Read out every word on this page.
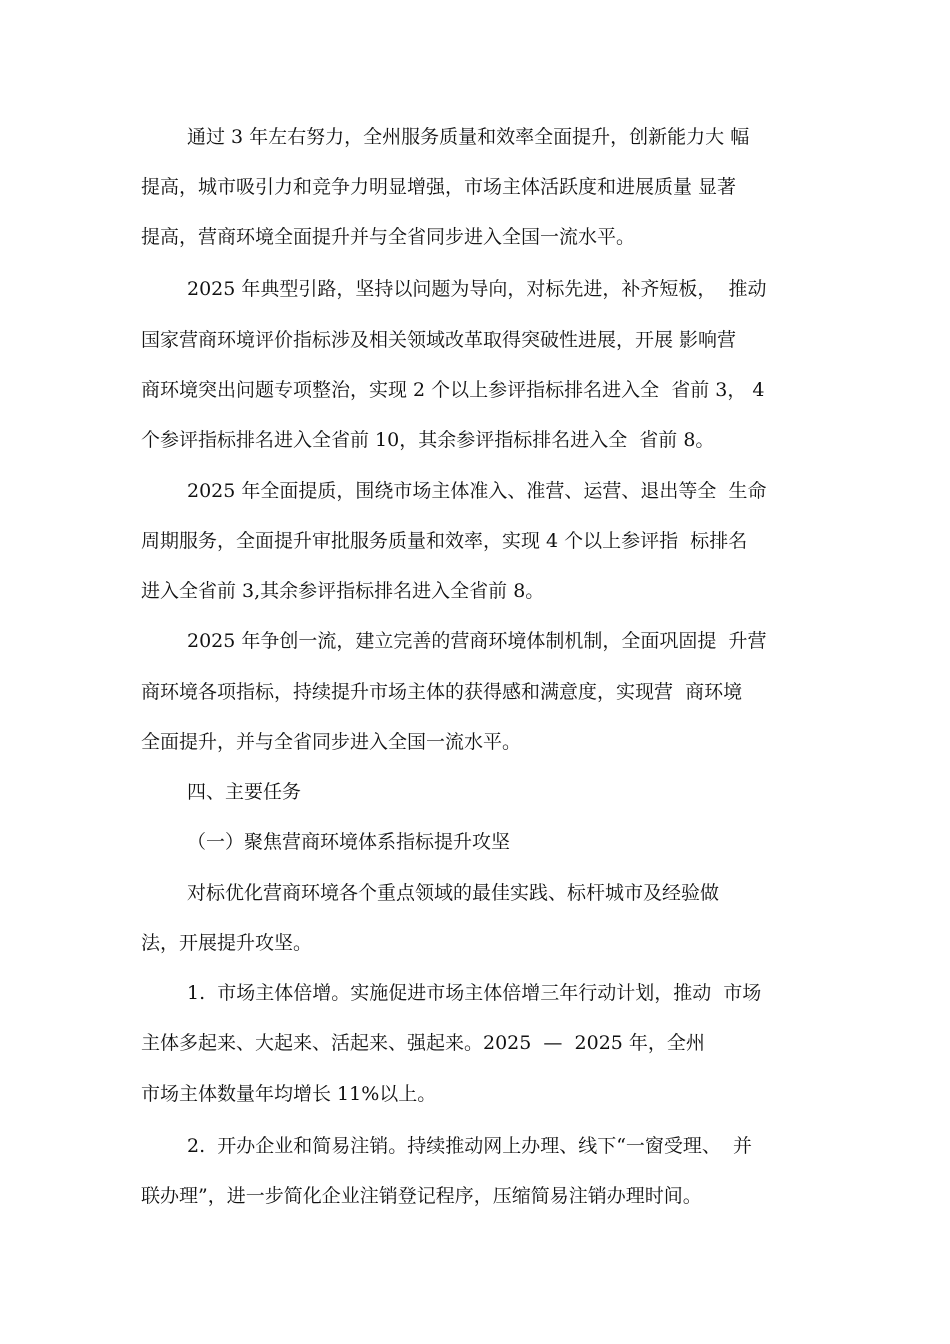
通过 3 年左右努力，全州服务质量和效率全面提升，创新能力大 幅
提高，城市吸引力和竞争力明显增强，市场主体活跃度和进展质量 显著
提高，营商环境全面提升并与全省同步进入全国一流水平。
2025 年典型引路，坚持以问题为导向，对标先进，补齐短板，  推动
国家营商环境评价指标涉及相关领域改革取得突破性进展，开展 影响营
商环境突出问题专项整治，实现 2 个以上参评指标排名进入全  省前 3， 4
个参评指标排名进入全省前 10，其余参评指标排名进入全  省前 8。
2025 年全面提质，围绕市场主体准入、准营、运营、退出等全  生命
周期服务，全面提升审批服务质量和效率，实现 4 个以上参评指  标排名
进入全省前 3,其余参评指标排名进入全省前 8。
2025 年争创一流，建立完善的营商环境体制机制，全面巩固提  升营
商环境各项指标，持续提升市场主体的获得感和满意度，实现营  商环境
全面提升，并与全省同步进入全国一流水平。
四、主要任务
（一）聚焦营商环境体系指标提升攻坚
对标优化营商环境各个重点领域的最佳实践、标杆城市及经验做
法，开展提升攻坚。
1.  市场主体倍增。实施促进市场主体倍增三年行动计划，推动  市场
主体多起来、大起来、活起来、强起来。2025  —  2025 年，全州
市场主体数量年均增长 11%以上。
2.  开办企业和简易注销。持续推动网上办理、线下“一窗受理、  并
联办理”，进一步简化企业注销登记程序，压缩简易注销办理时间。
